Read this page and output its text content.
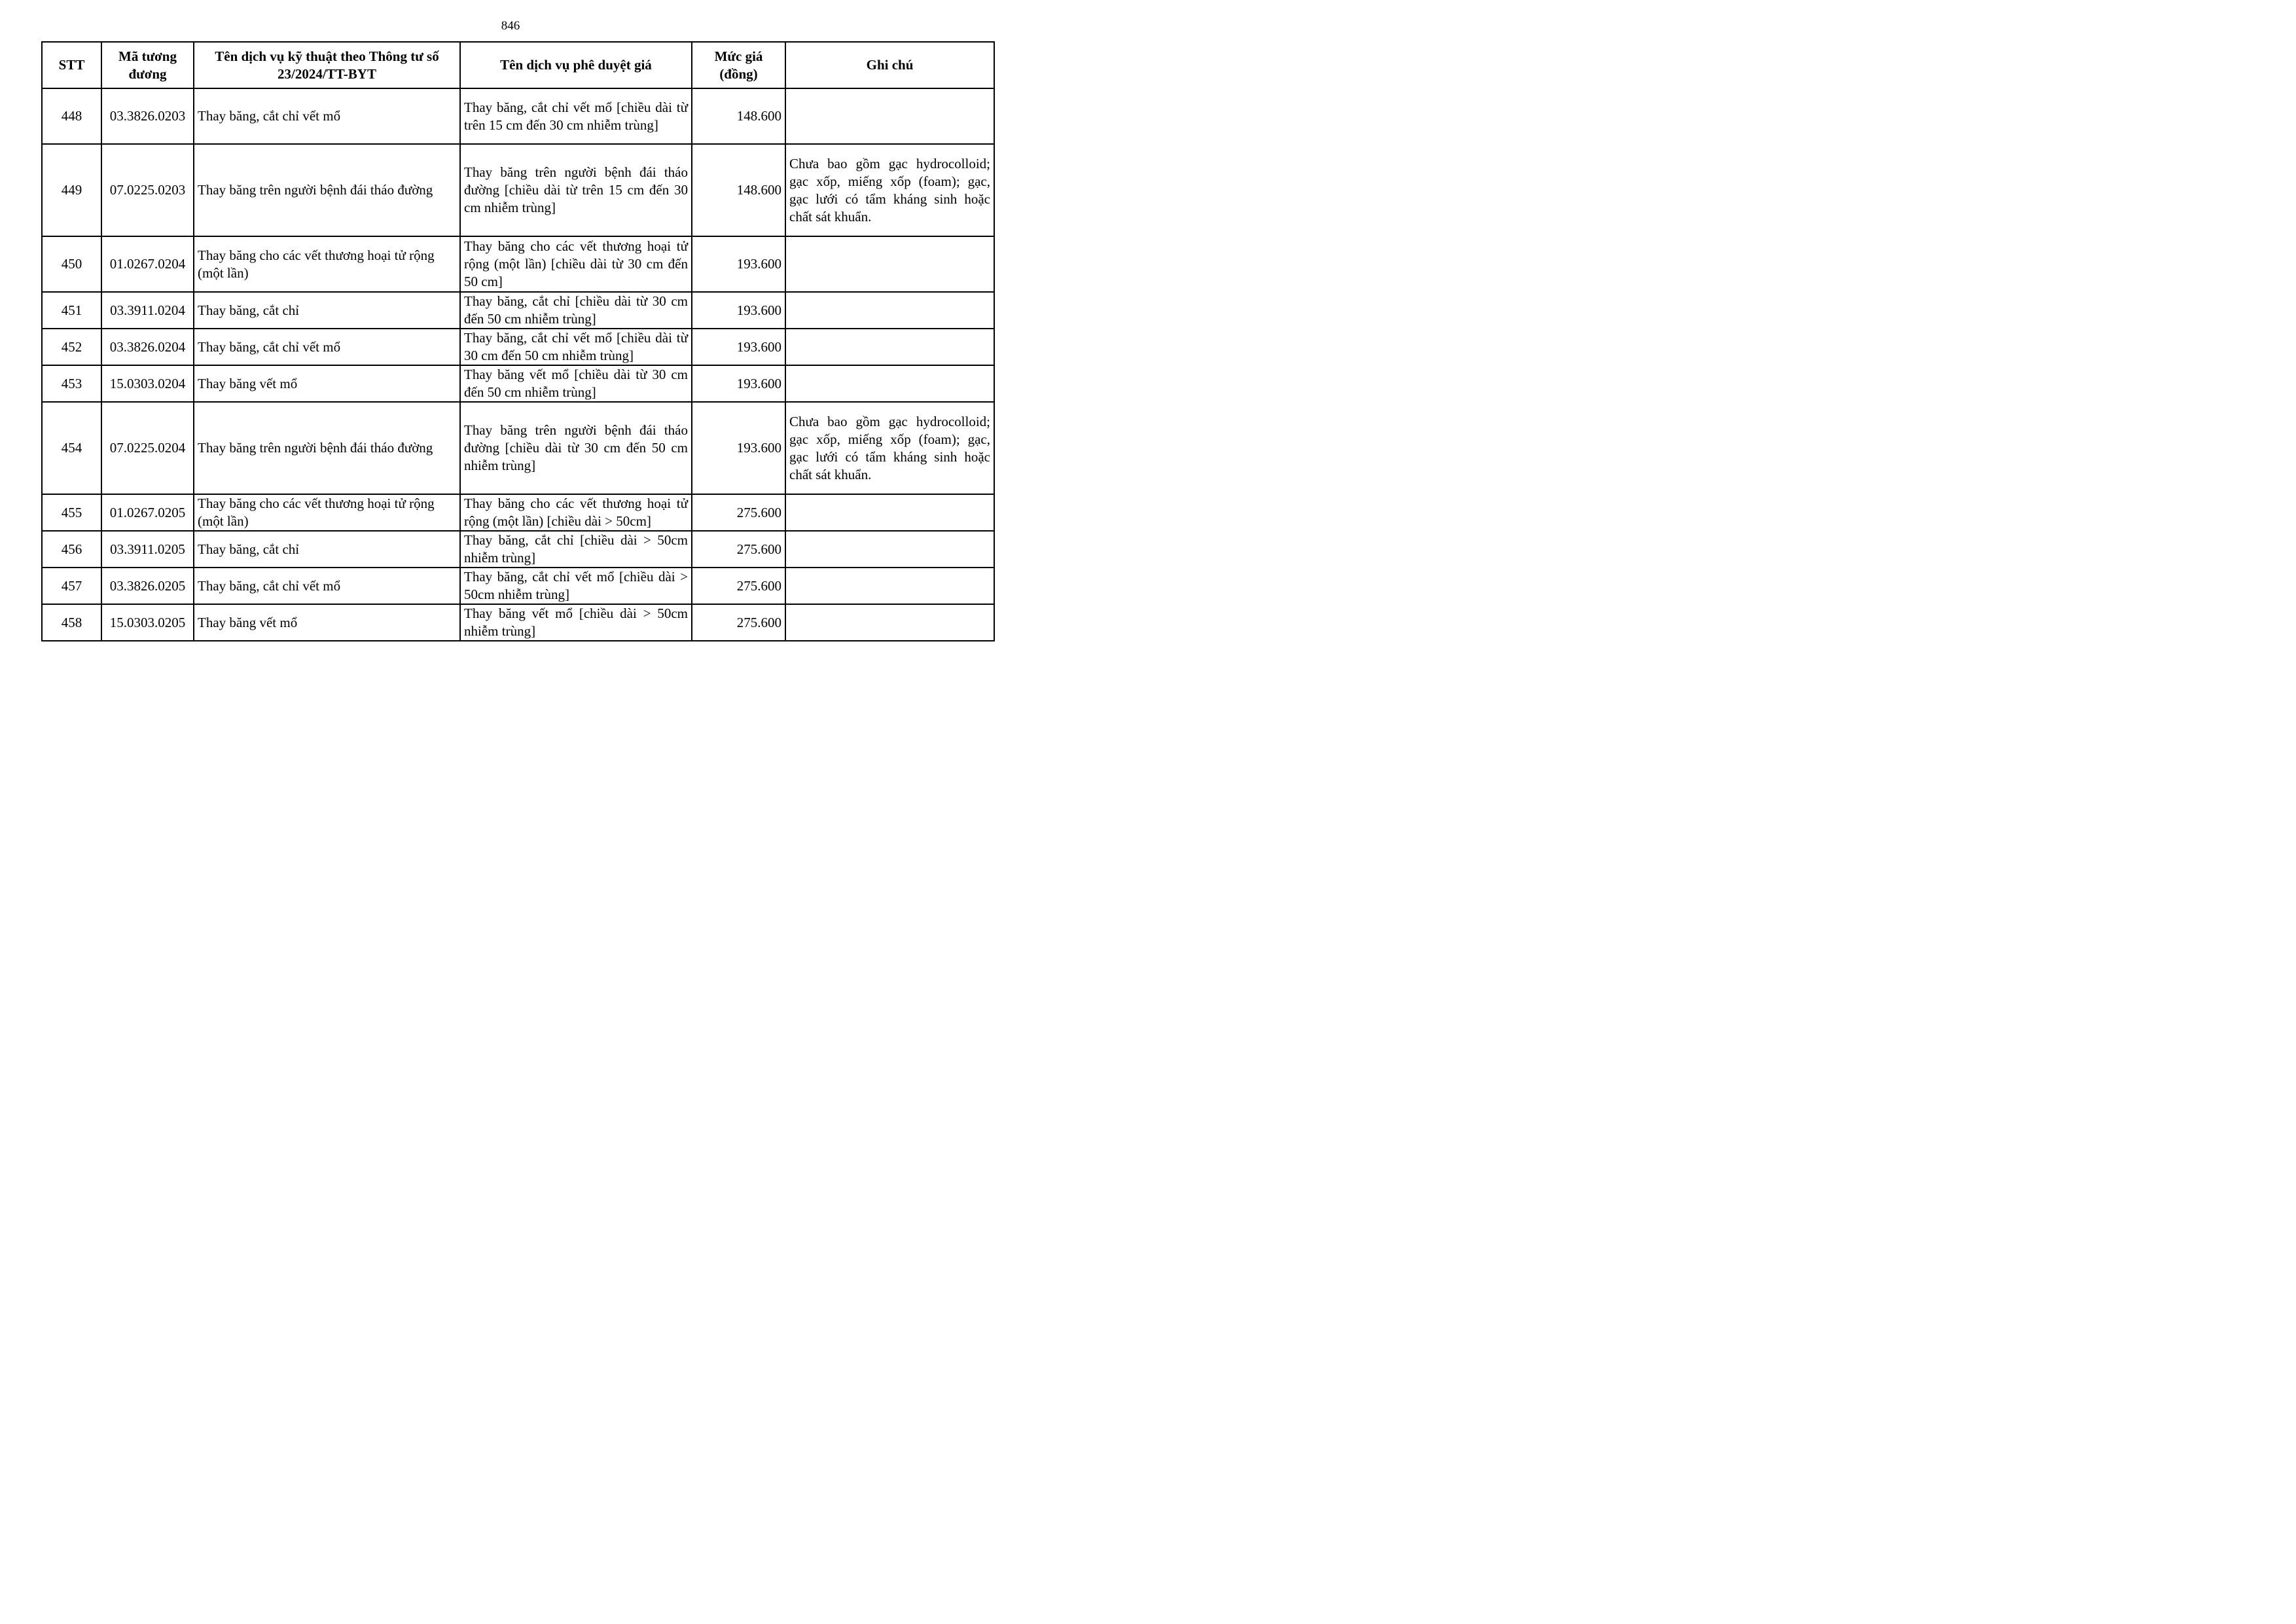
846
STT	Mã tương đương	Tên dịch vụ kỹ thuật theo Thông tư số 23/2024/TT-BYT	Tên dịch vụ phê duyệt giá	Mức giá (đồng)	Ghi chú
448	03.3826.0203	Thay băng, cắt chỉ vết mổ	Thay băng, cắt chỉ vết mổ [chiều dài từ trên 15 cm đến 30 cm nhiễm trùng]	148.600	
449	07.0225.0203	Thay băng trên người bệnh đái tháo đường	Thay băng trên người bệnh đái tháo đường [chiều dài từ trên 15 cm đến 30 cm nhiễm trùng]	148.600	Chưa bao gồm gạc hydrocolloid; gạc xốp, miếng xốp (foam); gạc, gạc lưới có tẩm kháng sinh hoặc chất sát khuẩn.
450	01.0267.0204	Thay băng cho các vết thương hoại tử rộng (một lần)	Thay băng cho các vết thương hoại tử rộng (một lần) [chiều dài từ 30 cm đến 50 cm]	193.600	
451	03.3911.0204	Thay băng, cắt chỉ	Thay băng, cắt chỉ [chiều dài từ 30 cm đến 50 cm nhiễm trùng]	193.600	
452	03.3826.0204	Thay băng, cắt chỉ vết mổ	Thay băng, cắt chỉ vết mổ [chiều dài từ 30 cm đến 50 cm nhiễm trùng]	193.600	
453	15.0303.0204	Thay băng vết mổ	Thay băng vết mổ [chiều dài từ 30 cm đến 50 cm nhiễm trùng]	193.600	
454	07.0225.0204	Thay băng trên người bệnh đái tháo đường	Thay băng trên người bệnh đái tháo đường [chiều dài từ 30 cm đến 50 cm nhiễm trùng]	193.600	Chưa bao gồm gạc hydrocolloid; gạc xốp, miếng xốp (foam); gạc, gạc lưới có tẩm kháng sinh hoặc chất sát khuẩn.
455	01.0267.0205	Thay băng cho các vết thương hoại tử rộng (một lần)	Thay băng cho các vết thương hoại tử rộng (một lần) [chiều dài > 50cm]	275.600	
456	03.3911.0205	Thay băng, cắt chỉ	Thay băng, cắt chỉ [chiều dài > 50cm nhiễm trùng]	275.600	
457	03.3826.0205	Thay băng, cắt chỉ vết mổ	Thay băng, cắt chỉ vết mổ [chiều dài > 50cm nhiễm trùng]	275.600	
458	15.0303.0205	Thay băng vết mổ	Thay băng vết mổ [chiều dài > 50cm nhiễm trùng]	275.600	
